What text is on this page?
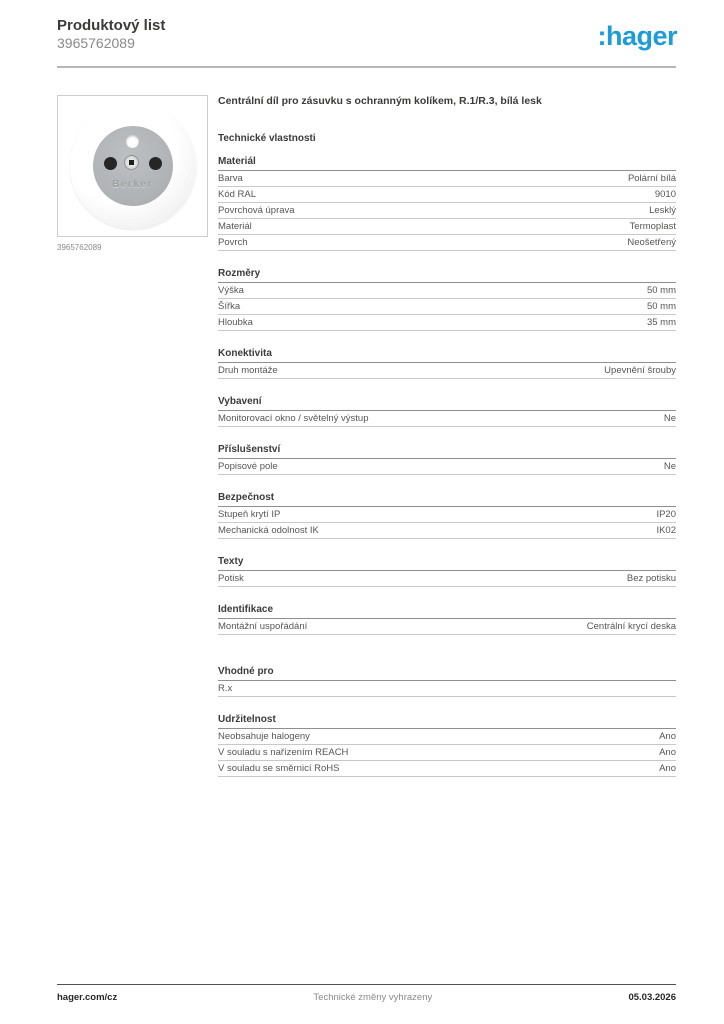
Produktový list
3965762089	:hager
Berker
3965762089
Centrální díl pro zásuvku s ochranným kolíkem, R.1/R.3, bílá lesk
Technické vlastnosti
Materiál
Barva	Polární bílá
Kód RAL	9010
Povrchová úprava	Lesklý
Materiál	Termoplast
Povrch	Neošetřený
Rozměry
Výška	50 mm
Šířka	50 mm
Hloubka	35 mm
Konektivita
Druh montáže	Upevnění šrouby
Vybavení
Monitorovací okno / světelný výstup	Ne
Příslušenství
Popisové pole	Ne
Bezpečnost
Stupeň krytí IP	IP20
Mechanická odolnost IK	IK02
Texty
Potisk	Bez potisku
Identifikace
Montážní uspořádání	Centrální krycí deska
Vhodné pro
R.x
Udržitelnost
Neobsahuje halogeny	Ano
V souladu s nařízením REACH	Ano
V souladu se směrnicí RoHS	Ano
hager.com/cz	Technické změny vyhrazeny	05.03.2026
